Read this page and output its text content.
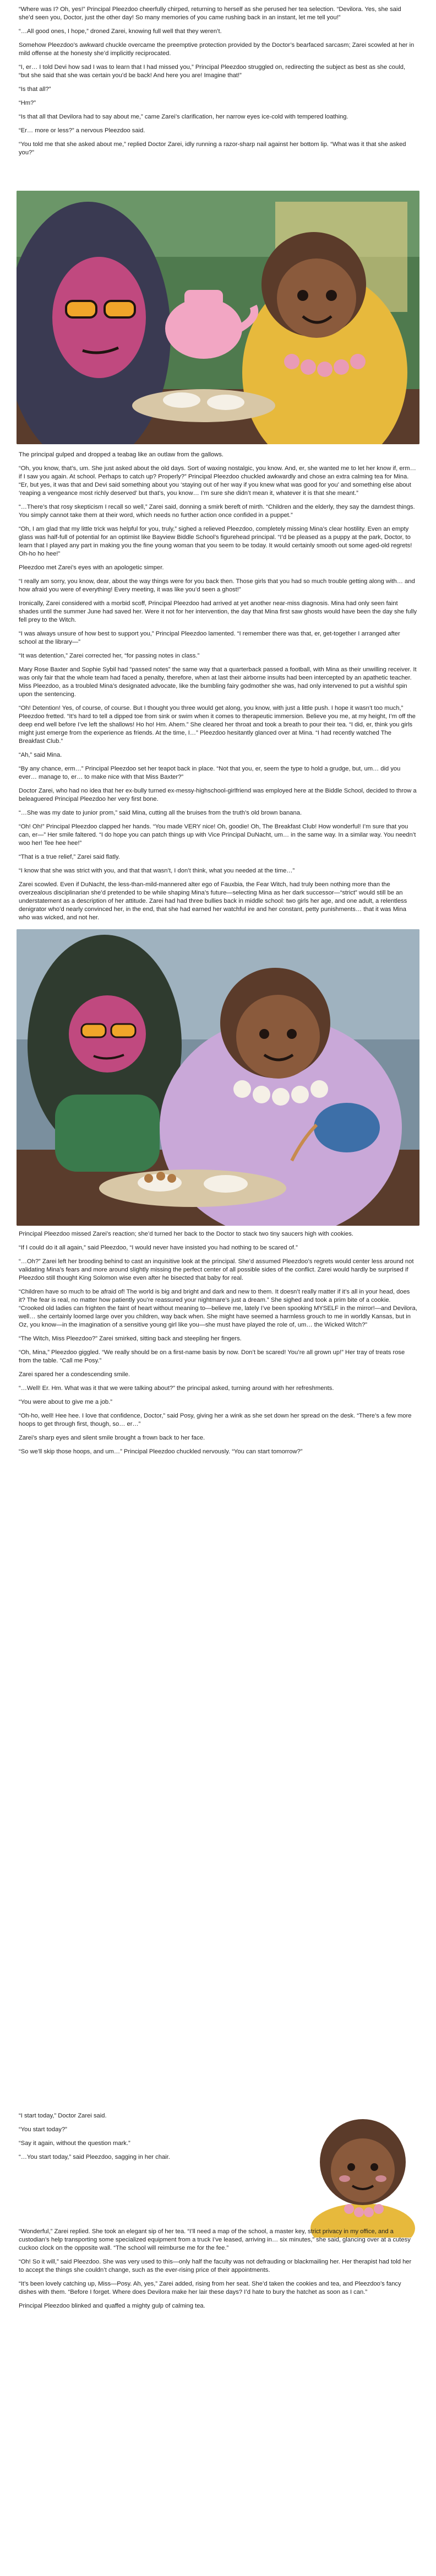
“Where was I? Oh, yes!” Principal Pleezdoo cheerfully chirped, returning to herself as she perused her tea selection. “Devilora. Yes, she said she’d seen you, Doctor, just the other day! So many memories of you came rushing back in an instant, let me tell you!”

“…All good ones, I hope,” droned Zarei, knowing full well that they weren’t.

Somehow Pleezdoo’s awkward chuckle overcame the preemptive protection provided by the Doctor’s bearfaced sarcasm; Zarei scowled at her in mild offense at the honesty she’d implicitly reciprocated.

“I, er… I told Devi how sad I was to learn that I had missed you,” Principal Pleezdoo struggled on, redirecting the subject as best as she could, “but she said that she was certain you’d be back! And here you are! Imagine that!”

“Is that all?”

“Hm?”

“Is that all that Devilora had to say about me,” came Zarei’s clarification, her narrow eyes ice-cold with tempered loathing.

“Er… more or less?” a nervous Pleezdoo said.

“You told me that she asked about me,” replied Doctor Zarei, idly running a razor-sharp nail against her bottom lip. “What was it that she asked you?”

The principal gulped and dropped a teabag like an outlaw from the gallows.

“Oh, you know, that’s, um. She just asked about the old days. Sort of waxing nostalgic, you know. And, er, she wanted me to let her know if, erm… if I saw you again. At school. Perhaps to catch up? Properly?” Principal Pleezdoo chuckled awkwardly and chose an extra calming tea for Mina. “Er, but yes, it was that and Devi said something about you ‘staying out of her way if you knew what was good for you’ and something else about ‘reaping a vengeance most richly deserved’ but that’s, you know… I’m sure she didn’t mean it, whatever it is that she meant.”

“…There’s that rosy skepticism I recall so well,” Zarei said, donning a smirk bereft of mirth. “Children and the elderly, they say the darndest things. You simply cannot take them at their word, which needs no further action once confided in a puppet.”

“Oh, I am glad that my little trick was helpful for you, truly,” sighed a relieved Pleezdoo, completely missing Mina’s clear hostility. Even an empty glass was half-full of potential for an optimist like Bayview Biddle School’s figurehead principal. “I’d be pleased as a puppy at the park, Doctor, to learn that I played any part in making you the fine young woman that you seem to be today. It would certainly smooth out some aged-old regrets! Oh-ho ho hee!”

Pleezdoo met Zarei’s eyes with an apologetic simper.

“I really am sorry, you know, dear, about the way things were for you back then. Those girls that you had so much trouble getting along with… and how afraid you were of everything! Every meeting, it was like you’d seen a ghost!”

Ironically, Zarei considered with a morbid scoff, Principal Pleezdoo had arrived at yet another near-miss diagnosis. Mina had only seen faint shades until the summer June had saved her. Were it not for her intervention, the day that Mina first saw ghosts would have been the day she fully fell prey to the Witch.

“I was always unsure of how best to support you,” Principal Pleezdoo lamented. “I remember there was that, er, get-together I arranged after school at the library—”

“It was detention,” Zarei corrected her, “for passing notes in class.”

Mary Rose Baxter and Sophie Sybil had “passed notes” the same way that a quarterback passed a football, with Mina as their unwilling receiver. It was only fair that the whole team had faced a penalty, therefore, when at last their airborne insults had been intercepted by an apathetic teacher. Miss Pleezdoo, as a troubled Mina’s designated advocate, like the bumbling fairy godmother she was, had only intervened to put a wishful spin upon the sentencing.

“Oh! Detention! Yes, of course, of course. But I thought you three would get along, you know, with just a little push. I hope it wasn’t too much,” Pleezdoo fretted. “It’s hard to tell a dipped toe from sink or swim when it comes to therapeutic immersion. Believe you me, at my height, I’m off the deep end well before I’ve left the shallows! Ho ho! Hm. Ahem.” She cleared her throat and took a breath to pour their tea. “I did, er, think you girls might just emerge from the experience as friends. At the time, I…” Pleezdoo hesitantly glanced over at Mina. “I had recently watched The Breakfast Club.”

“Ah,” said Mina.

“By any chance, erm…” Principal Pleezdoo set her teapot back in place. “Not that you, er, seem the type to hold a grudge, but, um… did you ever… manage to, er… to make nice with that Miss Baxter?”

Doctor Zarei, who had no idea that her ex-bully turned ex-messy-highschool-girlfriend was employed here at the Biddle School, decided to throw a beleaguered Principal Pleezdoo her very first bone.

“…She was my date to junior prom,” said Mina, cutting all the bruises from the truth’s old brown banana.

“Oh! Oh!” Principal Pleezdoo clapped her hands. “You made VERY nice! Oh, goodie! Oh, The Breakfast Club! How wonderful! I’m sure that you can, er—” Her smile faltered. “I do hope you can patch things up with Vice Principal DuNacht, um… in the same way. In a similar way. You needn’t woo her! Tee hee hee!”

“That is a true relief,” Zarei said flatly.

“I know that she was strict with you, and that that wasn’t, I don’t think, what you needed at the time…”

Zarei scowled. Even if DuNacht, the less-than-mild-mannered alter ego of Fauxbia, the Fear Witch, had truly been nothing more than the overzealous disciplinarian she’d pretended to be while shaping Mina’s future—selecting Mina as her dark successor—“strict” would still be an understatement as a description of her attitude. Zarei had had three bullies back in middle school: two girls her age, and one adult, a relentless denigrator who’d nearly convinced her, in the end, that she had earned her watchful ire and her constant, petty punishments… that it was Mina who was wicked, and not her.

Principal Pleezdoo missed Zarei’s reaction; she’d turned her back to the Doctor to stack two tiny saucers high with cookies.

“If I could do it all again,” said Pleezdoo, “I would never have insisted you had nothing to be scared of.”

“…Oh?” Zarei left her brooding behind to cast an inquisitive look at the principal. She’d assumed Pleezdoo’s regrets would center less around not validating Mina’s fears and more around slightly missing the perfect center of all possible sides of the conflict. Zarei would hardly be surprised if Pleezdoo still thought King Solomon wise even after he bisected that baby for real.

“Children have so much to be afraid of! The world is big and bright and dark and new to them. It doesn’t really matter if it’s all in your head, does it? The fear is real, no matter how patiently you’re reassured your nightmare’s just a dream.” She sighed and took a prim bite of a cookie. “Crooked old ladies can frighten the faint of heart without meaning to—believe me, lately I’ve been spooking MYSELF in the mirror!—and Devilora, well… she certainly loomed large over you children, way back when. She might have seemed a harmless grouch to me in worldly Kansas, but in Oz, you know—in the imagination of a sensitive young girl like you—she must have played the role of, um… the Wicked Witch?”

“The Witch, Miss Pleezdoo?” Zarei smirked, sitting back and steepling her fingers.

“Oh, Mina,” Pleezdoo giggled. “We really should be on a first-name basis by now. Don’t be scared! You’re all grown up!” Her tray of treats rose from the table. “Call me Posy.”

Zarei spared her a condescending smile.

“…Well! Er. Hm. What was it that we were talking about?” the principal asked, turning around with her refreshments.

“You were about to give me a job.”

“Oh-ho, well! Hee hee. I love that confidence, Doctor,” said Posy, giving her a wink as she set down her spread on the desk. “There’s a few more hoops to get through first, though, so… er…”

Zarei’s sharp eyes and silent smile brought a frown back to her face.

“So we’ll skip those hoops, and um…” Principal Pleezdoo chuckled nervously. “You can start tomorrow?”

“I start today,” Doctor Zarei said.

“You start today?”

“Say it again, without the question mark.”

“…You start today,” said Pleezdoo, sagging in her chair.

“Wonderful,” Zarei replied. She took an elegant sip of her tea. “I’ll need a map of the school, a master key, strict privacy in my office, and a custodian’s help transporting some specialized equipment from a truck I’ve leased, arriving in… six minutes,” she said, glancing over at a cutesy cuckoo clock on the opposite wall. “The school will reimburse me for the fee.”

“Oh! So it will,” said Pleezdoo. She was very used to this—only half the faculty was not defrauding or blackmailing her. Her therapist had told her to accept the things she couldn’t change, such as the ever-rising price of their appointments.

“It’s been lovely catching up, Miss—Posy. Ah, yes,” Zarei added, rising from her seat. She’d taken the cookies and tea, and Pleezdoo’s fancy dishes with them. “Before I forget. Where does Devilora make her lair these days? I’d hate to bury the hatchet as soon as I can.”

Principal Pleezdoo blinked and quaffed a mighty gulp of calming tea.
